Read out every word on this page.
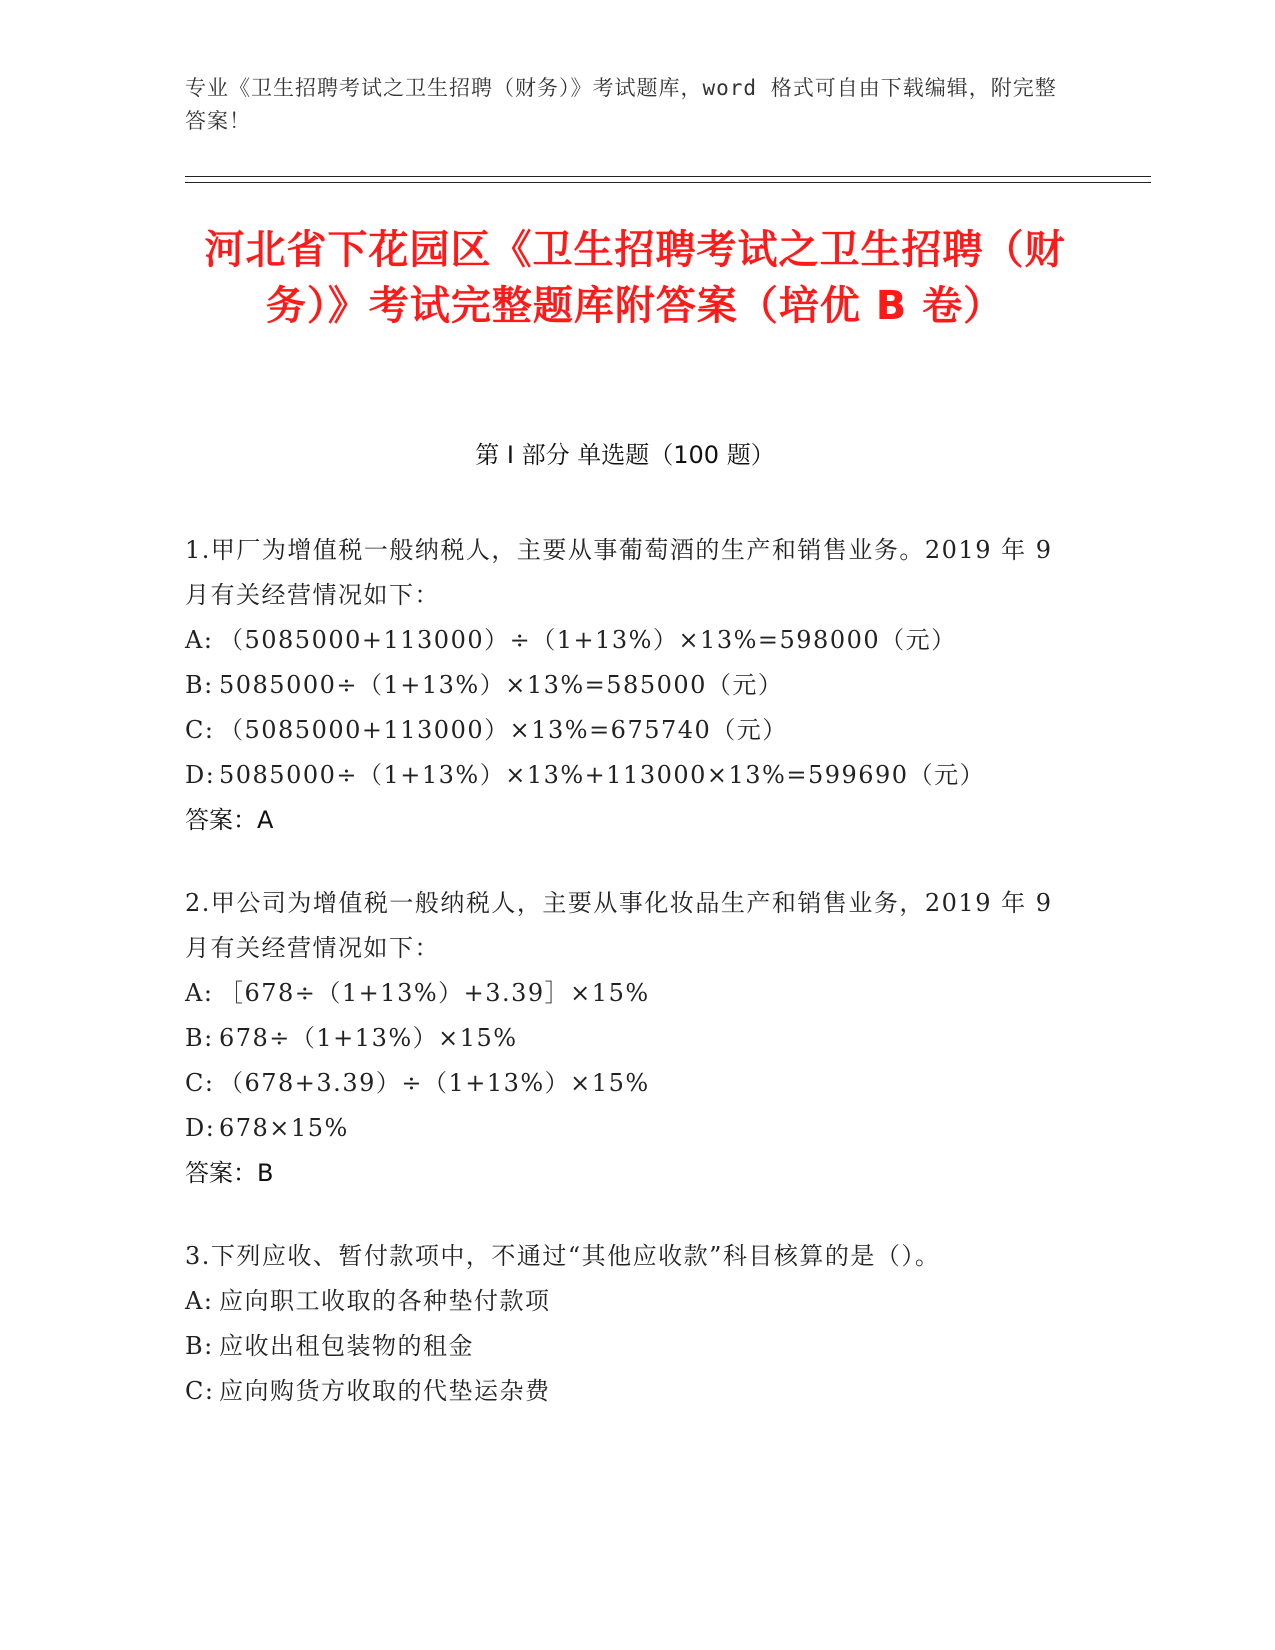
专业《卫生招聘考试之卫生招聘（财务）》考试题库，word 格式可自由下载编辑，附完整答案！
河北省下花园区《卫生招聘考试之卫生招聘（财务）》考试完整题库附答案（培优 B 卷）
第 I 部分 单选题（100 题）
1.甲厂为增值税一般纳税人，主要从事葡萄酒的生产和销售业务。2019 年 9 月有关经营情况如下：
A: （5085000+113000）÷（1+13%）×13%=598000（元）
B: 5085000÷（1+13%）×13%=585000（元）
C: （5085000+113000）×13%=675740（元）
D: 5085000÷（1+13%）×13%+113000×13%=599690（元）
答案：A
2.甲公司为增值税一般纳税人，主要从事化妆品生产和销售业务，2019 年 9 月有关经营情况如下：
A: ［678÷（1+13%）+3.39］×15%
B: 678÷（1+13%）×15%
C: （678+3.39）÷（1+13%）×15%
D: 678×15%
答案：B
3.下列应收、暂付款项中，不通过“其他应收款”科目核算的是（）。
A: 应向职工收取的各种垫付款项
B: 应收出租包装物的租金
C: 应向购货方收取的代垫运杂费
